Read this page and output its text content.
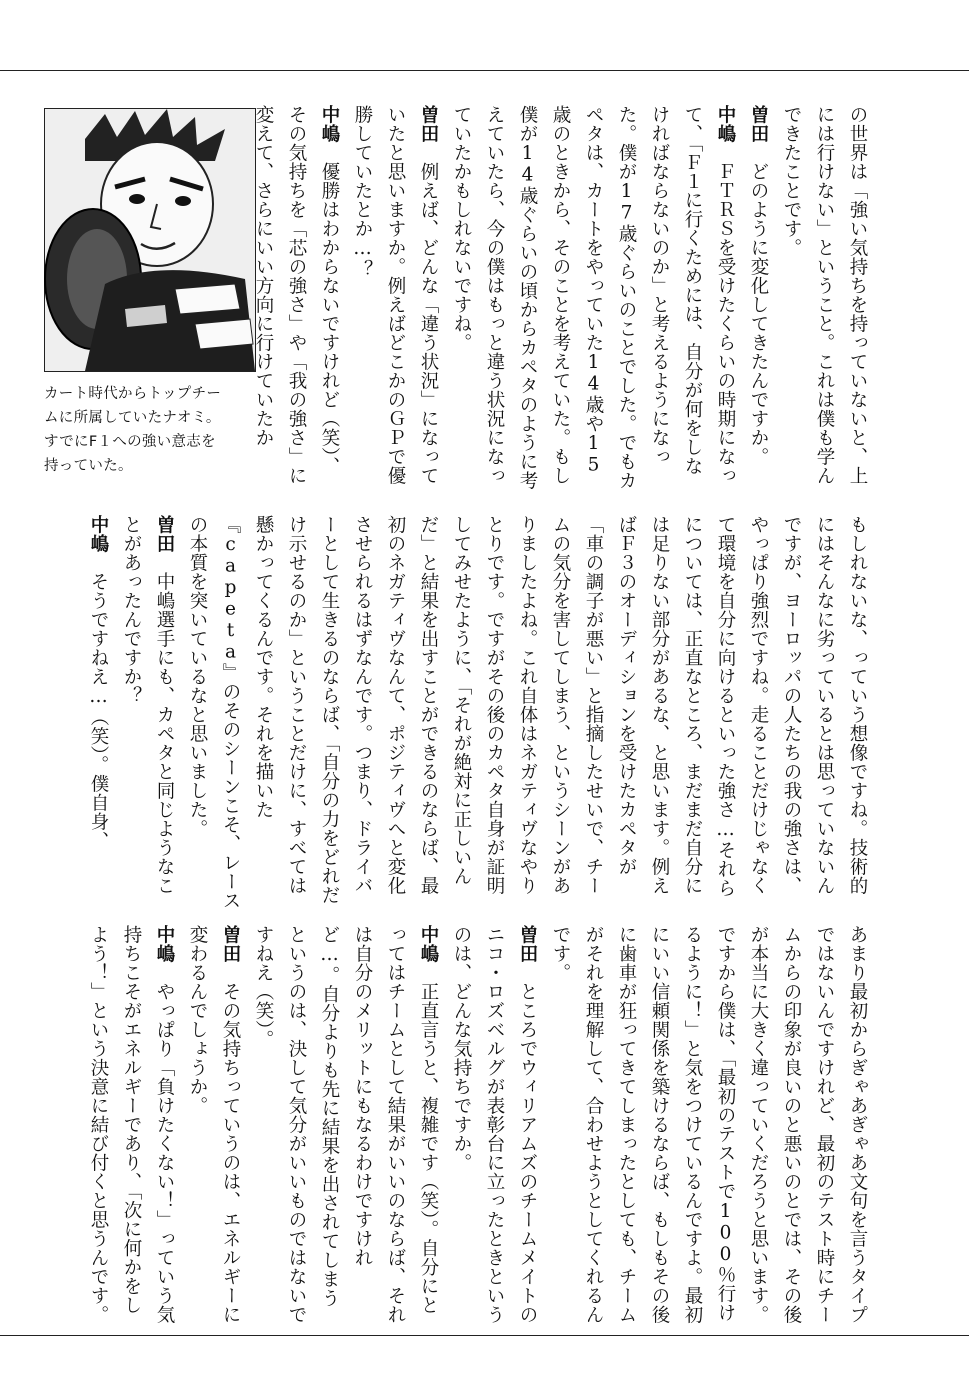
カート時代からトップチー
ムに所属していたナオミ。
すでにF１への強い意志を
持っていた。	の世界は「強い気持ちを持っていないと、上には行けない」ということ。これは僕も学んできたことです。
曽田　どのように変化してきたんですか。
中嶋　ＦＴＲＳを受けたくらいの時期になって、「Ｆ１に行くためには、自分が何をしなければならないのか」と考えるようになった。僕が17歳ぐらいのことでした。でもカペタは、カートをやっていた14歳や15歳のときから、そのことを考えていた。もし僕が14歳ぐらいの頃からカペタのように考えていたら、今の僕はもっと違う状況になっていたかもしれないですね。
曽田　例えば、どんな「違う状況」になっていたと思いますか。例えばどこかのＧＰで優勝していたとか…？
中嶋　優勝はわからないですけれど（笑）、その気持ちを「芯の強さ」や「我の強さ」に変えて、さらにいい方向に行けていたか
もしれないな、っていう想像ですね。技術的にはそんなに劣っているとは思っていないんですが、ヨーロッパの人たちの我の強さは、やっぱり強烈ですね。走ることだけじゃなくて環境を自分に向けるといった強さ…それらについては、正直なところ、まだまだ自分には足りない部分があるな、と思います。例えばＦ３のオーディションを受けたカペタが「車の調子が悪い」と指摘したせいで、チームの気分を害してしまう、というシーンがありましたよね。これ自体はネガティヴなやりとりです。ですがその後のカペタ自身が証明してみせたように、「それが絶対に正しいんだ」と結果を出すことができるのならば、最初のネガティヴなんて、ポジティヴへと変化させられるはずなんです。つまり、ドライバーとして生きるのならば、「自分の力をどれだけ示せるのか」ということだけに、すべては懸かってくるんです。それを描いた『capeta』のそのシーンこそ、レースの本質を突いているなと思いました。
曽田　中嶋選手にも、カペタと同じようなことがあったんですか？
中嶋　そうですねえ…（笑）。僕自身、
あまり最初からぎゃあぎゃあ文句を言うタイプではないんですけれど、最初のテスト時にチームからの印象が良いのと悪いのとでは、その後が本当に大きく違っていくだろうと思います。ですから僕は、「最初のテストで100％行けるように！」と気をつけているんですよ。最初にいい信頼関係を築けるならば、もしもその後に歯車が狂ってきてしまったとしても、チームがそれを理解して、合わせようとしてくれるんです。
曽田　ところでウィリアムズのチームメイトのニコ・ロズベルグが表彰台に立ったときというのは、どんな気持ちですか。
中嶋　正直言うと、複雑です（笑）。自分にとってはチームとして結果がいいのならば、それは自分のメリットにもなるわけですけれど…。自分よりも先に結果を出されてしまうというのは、決して気分がいいものではないですねえ（笑）。
曽田　その気持ちっていうのは、エネルギーに変わるんでしょうか。
中嶋　やっぱり「負けたくない！」っていう気持ちこそがエネルギーであり、「次に何かをしよう！」という決意に結び付くと思うんです。
